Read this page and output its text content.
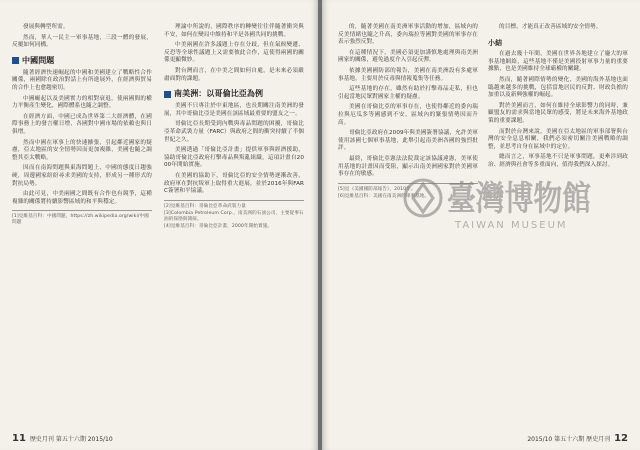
發展與轉型所需。

然而，華人一民主一軍事基地，三段一體的發展，反覆如何同構。

中國問題

隨著經濟快速崛起的中國和美國建立了戰略性合作關係，兩國除在政治對話上有所進展外，在經濟與貿易的合作上也愈趨密切。

中國崛起以及美國實力的相對衰退，使兩國間的權力平衡產生變化，國際體系也隨之調整。

在經濟方面，中國已成為世界第二大經濟體，在國際事務上的發言權日增，各國對中國市場的依賴也與日俱增。

然而中國在軍事上的快速擴張，引起鄰近國家的疑慮，亞太地區的安全情勢因而更加複雜，美國也隨之調整其亞太戰略。

因而在南海問題與東海問題上，中國的態度日趨強硬，周邊國家紛紛尋求美國的支持，形成另一種形式的對抗局勢。

由此可見，中美兩國之間既有合作也有競爭，這種複雜的關係將持續影響區域的和平與穩定。

[1]見維基百科：中國問題，https://zh.wikipedia.org/wiki/中國問題

理論中所說的，國際秩序的轉變往往伴隨著衝突與不安，如何在變局中維持和平是各國共同的挑戰。

中美兩國在許多議題上存在分歧，但在氣候變遷、反恐等全球性議題上又需要彼此合作，這使得兩國的關係更顯微妙。

對台灣而言，在中美之間如何自處，是未來必須嚴肅面對的課題。

南美洲：以哥倫比亞為例

美國不只專注於中東地區，也長期關注南美洲的發展，其中哥倫比亞是美國在該區域最重要的盟友之一。

哥倫比亞長期受到內戰與毒品問題的困擾，哥倫比亞革命武裝力量（FARC）與政府之間的衝突持續了半個世紀之久。

美國透過「哥倫比亞計畫」提供軍事與經濟援助，協助哥倫比亞政府打擊毒品與叛亂組織，這項計畫自2000年開始實施。

在美國的協助下，哥倫比亞的安全情勢逐漸改善，政府軍在對抗叛軍上取得重大進展，並於2016年與FARC簽署和平協議。

[2]見維基百科：哥倫比亞革命武裝力量
[3]Colombia Petroleum Corp.，南美洲的石油公司，主要從事石油的探勘與開採。
[4]見維基百科：哥倫比亞計畫，2000年開始實施。
11 歷史月刊 第五十六期 2015/10

的，隨著美國在南美洲軍事活動的增加，區域內的反美情緒也隨之升高，委內瑞拉等國對美國的軍事存在表示強烈反對。

在這種情況下，美國必須更加謹慎地處理與南美洲國家的關係，避免過度介入引起反彈。

依據美國國防部的報告，美國在南美洲設有多處軍事基地，主要用於反毒與情報蒐集等任務。

這些基地的存在，雖然有助於打擊毒品走私，但也引起當地民眾對國家主權的疑慮。

美國在哥倫比亞的軍事存在，也使得鄰近的委內瑞拉與厄瓜多等國感到不安，區域內的緊張情勢因而升高。

哥倫比亞政府在2009年與美國簽署協議，允許美軍使用該國七個軍事基地，此舉引起南美洲各國的強烈批評。

最終，哥倫比亞憲法法院裁定該協議違憲，美軍使用基地的計畫因而受阻，顯示出南美洲國家對於美國軍事存在的敏感。

[5]見《美國國防部報告》，2010年。
[6]見維基百科：美國在南美洲的軍事基地。

的目標，才能真正改善區域的安全情勢。

小結

在過去幾十年間，美國在世界各地建立了龐大的軍事基地網絡，這些基地不僅是美國投射軍事力量的重要據點，也是美國維持全球霸權的關鍵。

然而，隨著國際情勢的變化，美國的海外基地也面臨越來越多的挑戰，包括當地居民的反對、財政負擔的加重以及新興強權的崛起。

對於美國而言，如何在維持全球影響力的同時，兼顧盟友的需求與當地民眾的感受，將是未來海外基地政策的重要課題。

而對於台灣來說，美國在亞太地區的軍事部署與台灣的安全息息相關，我們必須密切關注美國戰略的調整，並思考自身在區域中的定位。

總而言之，軍事基地不只是軍事問題，更牽涉到政治、經濟與社會等多重面向，值得我們深入探討。

2015/10 第五十六期 歷史月刊 12
臺灣博物館
TAIWAN MUSEUM
